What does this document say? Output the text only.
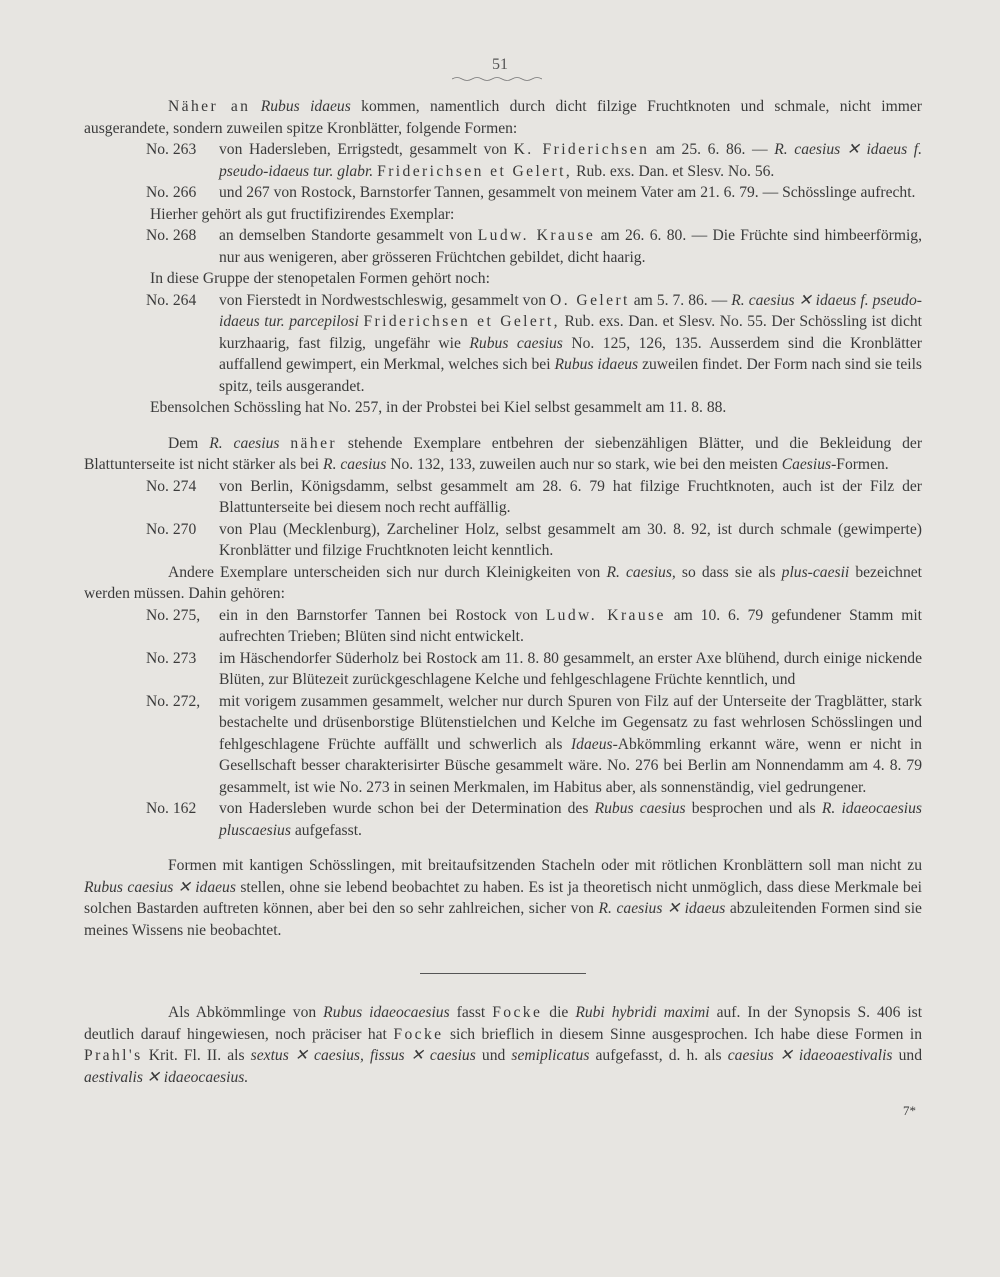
51

Näher an Rubus idaeus kommen, namentlich durch dicht filzige Fruchtknoten und schmale, nicht immer ausgerandete, sondern zuweilen spitze Kronblätter, folgende Formen:

No. 263	von Hadersleben, Errigstedt, gesammelt von K. Friderichsen am 25. 6. 86. — R. caesius ✕ idaeus f. pseudo-idaeus tur. glabr. Friderichsen et Gelert, Rub. exs. Dan. et Slesv. No. 56.
No. 266	und 267 von Rostock, Barnstorfer Tannen, gesammelt von meinem Vater am 21. 6. 79. — Schösslinge aufrecht.

Hierher gehört als gut fructifizirendes Exemplar:

No. 268	an demselben Standorte gesammelt von Ludw. Krause am 26. 6. 80. — Die Früchte sind himbeerförmig, nur aus wenigeren, aber grösseren Früchtchen gebildet, dicht haarig.

In diese Gruppe der stenopetalen Formen gehört noch:

No. 264	von Fierstedt in Nordwestschleswig, gesammelt von O. Gelert am 5. 7. 86. — R. caesius ✕ idaeus f. pseudo-idaeus tur. parcepilosi Friderichsen et Gelert, Rub. exs. Dan. et Slesv. No. 55. Der Schössling ist dicht kurzhaarig, fast filzig, ungefähr wie Rubus caesius No. 125, 126, 135. Ausserdem sind die Kronblätter auffallend gewimpert, ein Merkmal, welches sich bei Rubus idaeus zuweilen findet. Der Form nach sind sie teils spitz, teils ausgerandet.

Ebensolchen Schössling hat No. 257, in der Probstei bei Kiel selbst gesammelt am 11. 8. 88.

Dem R. caesius näher stehende Exemplare entbehren der siebenzähligen Blätter, und die Bekleidung der Blattunterseite ist nicht stärker als bei R. caesius No. 132, 133, zuweilen auch nur so stark, wie bei den meisten Caesius-Formen.

No. 274	von Berlin, Königsdamm, selbst gesammelt am 28. 6. 79 hat filzige Fruchtknoten, auch ist der Filz der Blattunterseite bei diesem noch recht auffällig.
No. 270	von Plau (Mecklenburg), Zarcheliner Holz, selbst gesammelt am 30. 8. 92, ist durch schmale (gewimperte) Kronblätter und filzige Fruchtknoten leicht kenntlich.

Andere Exemplare unterscheiden sich nur durch Kleinigkeiten von R. caesius, so dass sie als plus-caesii bezeichnet werden müssen. Dahin gehören:

No. 275,	ein in den Barnstorfer Tannen bei Rostock von Ludw. Krause am 10. 6. 79 gefundener Stamm mit aufrechten Trieben; Blüten sind nicht entwickelt.
No. 273	im Häschendorfer Süderholz bei Rostock am 11. 8. 80 gesammelt, an erster Axe blühend, durch einige nickende Blüten, zur Blütezeit zurückgeschlagene Kelche und fehlgeschlagene Früchte kenntlich, und
No. 272,	mit vorigem zusammen gesammelt, welcher nur durch Spuren von Filz auf der Unterseite der Tragblätter, stark bestachelte und drüsenborstige Blütenstielchen und Kelche im Gegensatz zu fast wehrlosen Schösslingen und fehlgeschlagene Früchte auffällt und schwerlich als Idaeus-Abkömmling erkannt wäre, wenn er nicht in Gesellschaft besser charakterisirter Büsche gesammelt wäre. No. 276 bei Berlin am Nonnendamm am 4. 8. 79 gesammelt, ist wie No. 273 in seinen Merkmalen, im Habitus aber, als sonnenständig, viel gedrungener.
No. 162	von Hadersleben wurde schon bei der Determination des Rubus caesius besprochen und als R. idaeocaesius pluscaesius aufgefasst.

Formen mit kantigen Schösslingen, mit breitaufsitzenden Stacheln oder mit rötlichen Kronblättern soll man nicht zu Rubus caesius ✕ idaeus stellen, ohne sie lebend beobachtet zu haben. Es ist ja theoretisch nicht unmöglich, dass diese Merkmale bei solchen Bastarden auftreten können, aber bei den so sehr zahlreichen, sicher von R. caesius ✕ idaeus abzuleitenden Formen sind sie meines Wissens nie beobachtet.

Als Abkömmlinge von Rubus idaeocaesius fasst Focke die Rubi hybridi maximi auf. In der Synopsis S. 406 ist deutlich darauf hingewiesen, noch präciser hat Focke sich brieflich in diesem Sinne ausgesprochen. Ich habe diese Formen in Prahl's Krit. Fl. II. als sextus ✕ caesius, fissus ✕ caesius und semiplicatus aufgefasst, d. h. als caesius ✕ idaeoaestivalis und aestivalis ✕ idaeocaesius.

7*
